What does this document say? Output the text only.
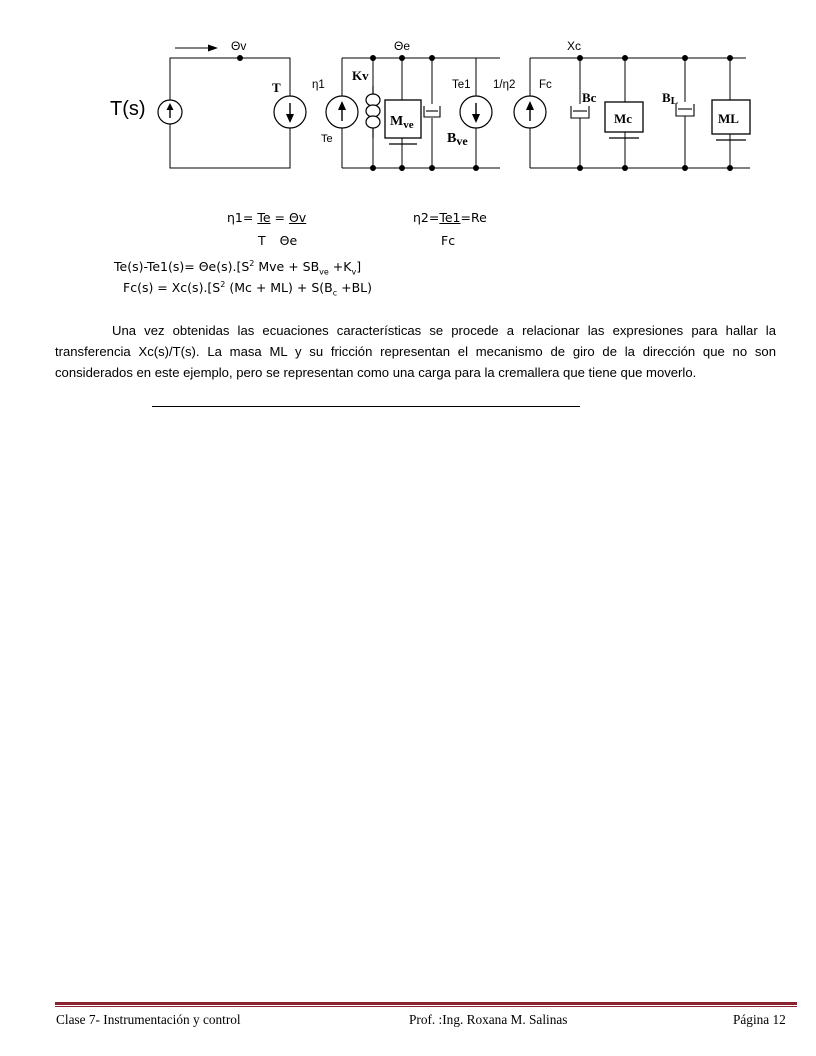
T(s)
Θv	Θe	Xc
T	η1
Kv
Te
$M_{ve}$
Bve
Te1 1/η2 Fc
Bc
Mc
BL
ML
η1= Te = Θv
T Θe
η2=Te1=Re
Fc
$Te(s)-Te1(s)= \Theta e(s).[S^2$ Mve + $SB_{ve} +K_v$]
$Fc(s) = Xc(s).[S^2$ $(Mc + ML) + S(B_c +BL)$

Una vez obtenidas las ecuaciones características se procede a relacionar las expresiones para hallar la transferencia Xc(s)/T(s). La masa ML y su fricción representan el mecanismo de giro de la dirección que no son considerados en este ejemplo, pero se representan como una carga para la cremallera que tiene que moverlo.

Clase 7- Instrumentación y control	Prof. :Ing. Roxana M. Salinas	Página 12
